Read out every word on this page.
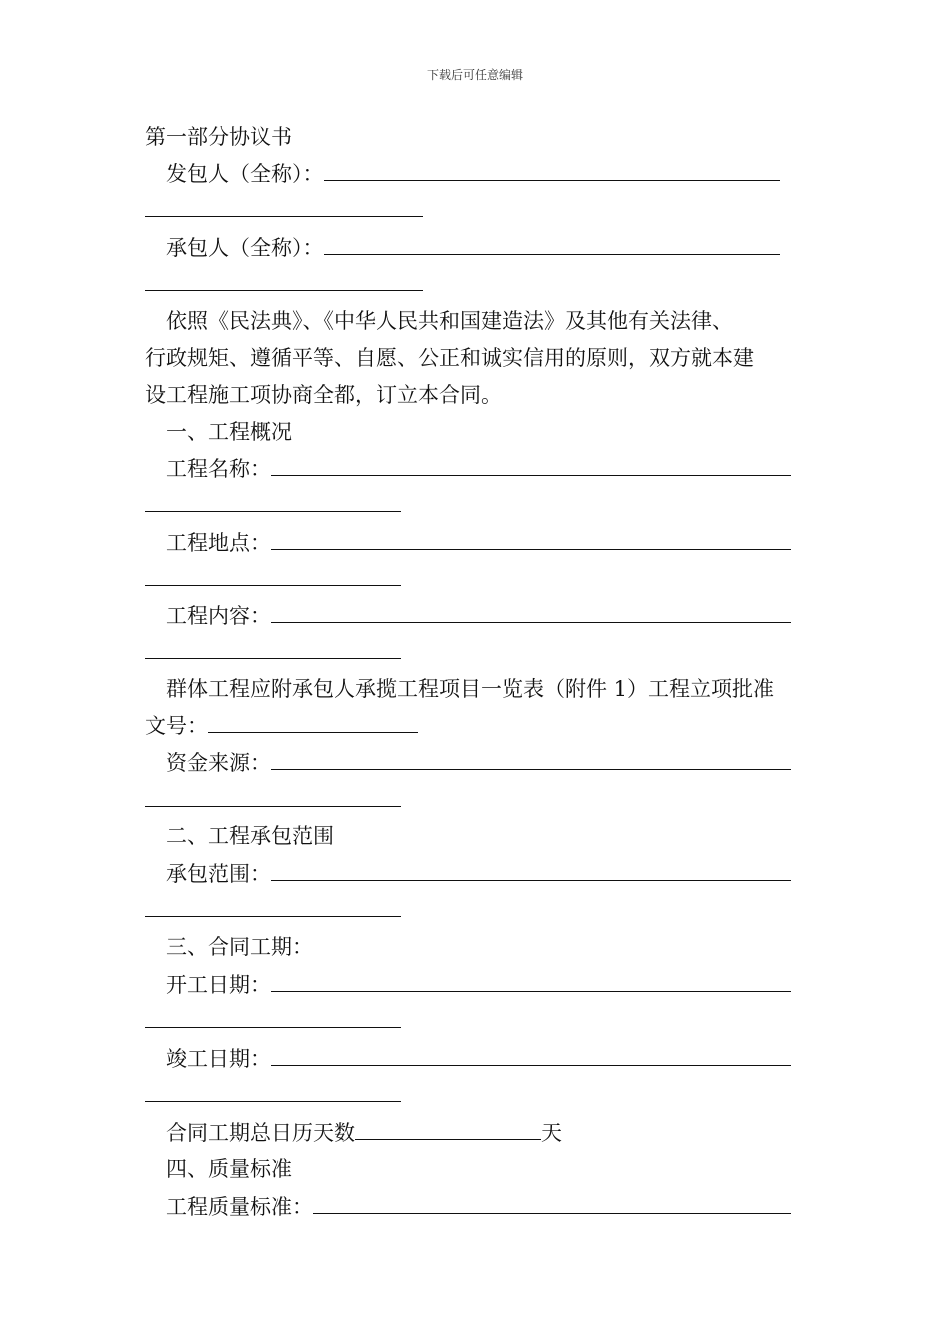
下载后可任意编辑
第一部分协议书
发包人（全称）：
承包人（全称）：
依照《民法典》、《中华人民共和国建造法》及其他有关法律、
行政规矩、遵循平等、自愿、公正和诚实信用的原则，双方就本建
设工程施工项协商全都，订立本合同。
一、工程概况
工程名称：
工程地点：
工程内容：
群体工程应附承包人承揽工程项目一览表（附件 1）工程立项批准
文号：
资金来源：
二、工程承包范围
承包范围：
三、合同工期：
开工日期：
竣工日期：
合同工期总日历天数	天
四、质量标准
工程质量标准：
